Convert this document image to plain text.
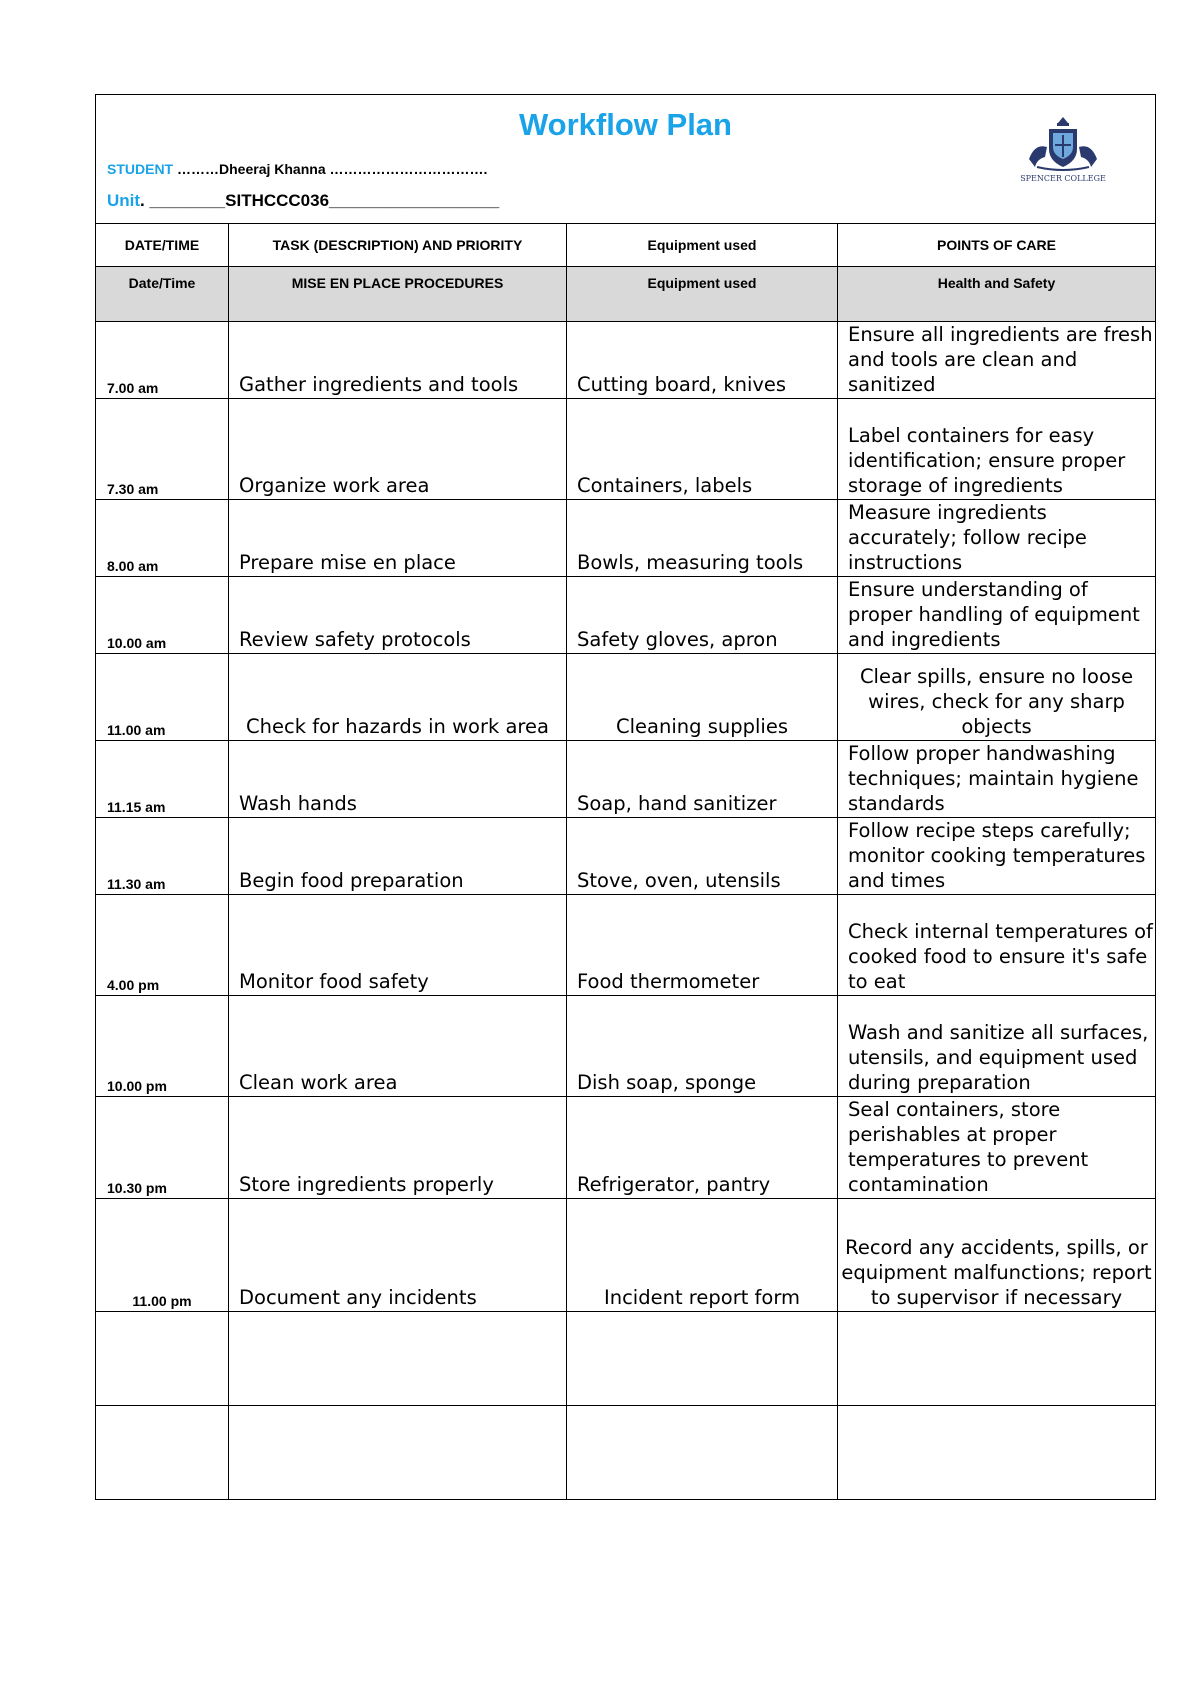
Workflow Plan
STUDENT ………Dheeraj Khanna …………………………….
Unit. ________SITHCCC036__________________
SPENCER COLLEGE			

DATE/TIME	TASK (DESCRIPTION) AND PRIORITY	Equipment used	POINTS OF CARE

Date/Time	MISE EN PLACE PROCEDURES	Equipment used	Health and Safety

7.00 am	Gather ingredients and tools	Cutting board, knives	Ensure all ingredients are fresh and tools are clean and sanitized
7.30 am	Organize work area	Containers, labels	Label containers for easy identification; ensure proper storage of ingredients
8.00 am	Prepare mise en place	Bowls, measuring tools	Measure ingredients accurately; follow recipe instructions
10.00 am	Review safety protocols	Safety gloves, apron	Ensure understanding of proper handling of equipment and ingredients
11.00 am	Check for hazards in work area	Cleaning supplies	Clear spills, ensure no loose wires, check for any sharp objects
11.15 am	Wash hands	Soap, hand sanitizer	Follow proper handwashing techniques; maintain hygiene standards
11.30 am	Begin food preparation	Stove, oven, utensils	Follow recipe steps carefully; monitor cooking temperatures and times
4.00 pm	Monitor food safety	Food thermometer	Check internal temperatures of cooked food to ensure it's safe to eat
10.00 pm	Clean work area	Dish soap, sponge	Wash and sanitize all surfaces, utensils, and equipment used during preparation
10.30 pm	Store ingredients properly	Refrigerator, pantry	Seal containers, store perishables at proper temperatures to prevent contamination
11.00 pm	Document any incidents	Incident report form	Record any accidents, spills, or equipment malfunctions; report to supervisor if necessary
